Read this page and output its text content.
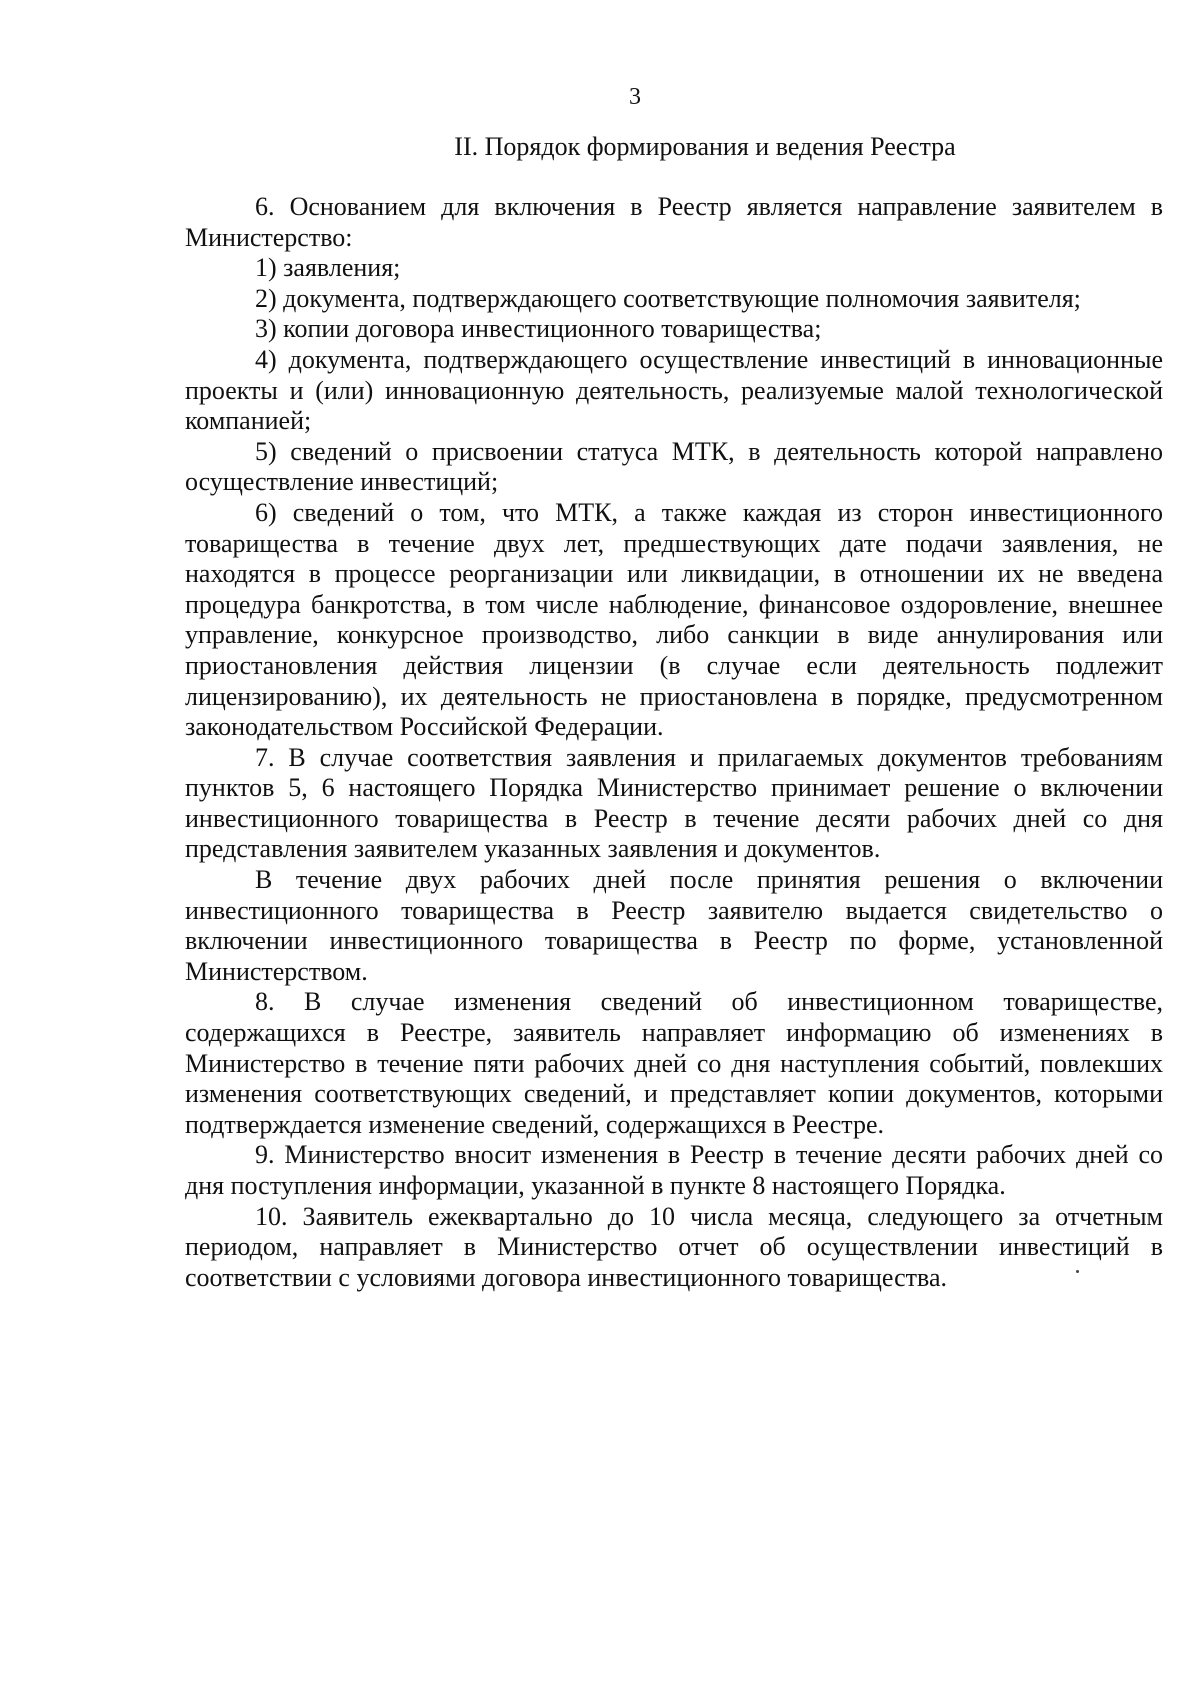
3
II. Порядок формирования и ведения Реестра

6. Основанием для включения в Реестр является направление заявителем в Министерство:

1) заявления;

2) документа, подтверждающего соответствующие полномочия заявителя;

3) копии договора инвестиционного товарищества;

4) документа, подтверждающего осуществление инвестиций в инновационные проекты и (или) инновационную деятельность, реализуемые малой технологической компанией;

5) сведений о присвоении статуса МТК, в деятельность которой направлено осуществление инвестиций;

6) сведений о том, что МТК, а также каждая из сторон инвестиционного товарищества в течение двух лет, предшествующих дате подачи заявления, не находятся в процессе реорганизации или ликвидации, в отношении их не введена процедура банкротства, в том числе наблюдение, финансовое оздоровление, внешнее управление, конкурсное производство, либо санкции в виде аннулирования или приостановления действия лицензии (в случае если деятельность подлежит лицензированию), их деятельность не приостановлена в порядке, предусмотренном законодательством Российской Федерации.

7. В случае соответствия заявления и прилагаемых документов требованиям пунктов 5, 6 настоящего Порядка Министерство принимает решение о включении инвестиционного товарищества в Реестр в течение десяти рабочих дней со дня представления заявителем указанных заявления и документов.

В течение двух рабочих дней после принятия решения о включении инвестиционного товарищества в Реестр заявителю выдается свидетельство о включении инвестиционного товарищества в Реестр по форме, установленной Министерством.

8. В случае изменения сведений об инвестиционном товариществе, содержащихся в Реестре, заявитель направляет информацию об изменениях в Министерство в течение пяти рабочих дней со дня наступления событий, повлекших изменения соответствующих сведений, и представляет копии документов, которыми подтверждается изменение сведений, содержащихся в Реестре.

9. Министерство вносит изменения в Реестр в течение десяти рабочих дней со дня поступления информации, указанной в пункте 8 настоящего Порядка.

10. Заявитель ежеквартально до 10 числа месяца, следующего за отчетным периодом, направляет в Министерство отчет об осуществлении инвестиций в соответствии с условиями договора инвестиционного товарищества.
